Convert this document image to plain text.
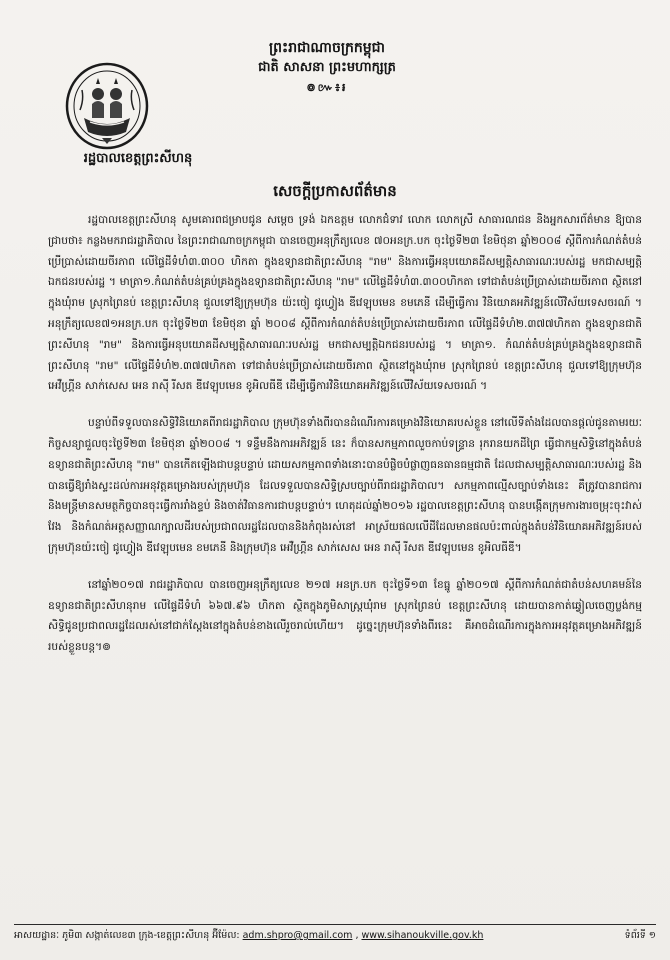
ព្រះរាជាណាចក្រកម្ពុជា
ជាតិ សាសនា ព្រះមហាក្សត្រ
៙៚៖៛
រដ្ឋបាលខេត្តព្រះសីហនុ
សេចក្តីប្រកាសព័ត៌មាន

រដ្ឋបាលខេត្តព្រះសីហនុ សូមគោរពជម្រាបជូន សម្តេច ទ្រង់ ឯកឧត្តម លោកជំទាវ លោក លោកស្រី សាធារណជន និងអ្នកសារព័ត៌មាន ឱ្យបានជ្រាបថា៖ កន្លងមករាជរដ្ឋាភិបាល នៃព្រះរាជាណាចក្រកម្ពុជា បានចេញអនុក្រឹត្យលេខ ៧០អនក្រ.បក ចុះថ្ងៃទី២៣ ខែមិថុនា ឆ្នាំ២០០៨ ស្តីពីការកំណត់តំបន់ប្រើប្រាស់ដោយចីរភាព លើផ្ទៃដីទំហំ៣.៣០០ ហិកតា ក្នុងឧទ្យានជាតិព្រះសីហនុ "រាម" និងការធ្វើអនុបយោគដីសម្បត្តិសាធារណៈរបស់រដ្ឋ មកជាសម្បត្តិឯកជនរបស់រដ្ឋ ។ មាត្រា១.កំណត់តំបន់គ្រប់គ្រងក្នុងឧទ្យានជាតិព្រះសីហនុ "រាម" លើផ្ទៃដីទំហំ៣.៣០០ហិកតា ទៅជាតំបន់ប្រើប្រាស់ដោយចីរភាព ស្ថិតនៅក្នុងឃុំរាម ស្រុកព្រៃនប់ ខេត្តព្រះសីហនុ ជួលទៅឱ្យក្រុមហ៊ុន យ៉ះចៀ ជូហ្វៀង ឌីវេឡុបមេន ខមភេនី ដើម្បីធ្វើការ វិនិយោគអភិវឌ្ឍន៍លើវិស័យទេសចរណ៍ ។ អនុក្រឹត្យលេខ៧១អនក្រ.បក ចុះថ្ងៃទី២៣ ខែមិថុនា ឆ្នាំ ២០០៨ ស្តីពីការកំណត់តំបន់ប្រើប្រាស់ដោយចីរភាព លើផ្ទៃដីទំហំ២.៣៧៧ហិកតា ក្នុងឧទ្យានជាតិព្រះសីហនុ "រាម" និងការធ្វើអនុបយោគដីសម្បត្តិសាធារណៈរបស់រដ្ឋ មកជាសម្បត្តិឯកជនរបស់រដ្ឋ ។ មាត្រា១. កំណត់តំបន់គ្រប់គ្រងក្នុងឧទ្យានជាតិព្រះសីហនុ "រាម" លើផ្ទៃដីទំហំ២.៣៧៧ហិកតា ទៅជាតំបន់ប្រើប្រាស់ដោយចីរភាព ស្ថិតនៅក្នុងឃុំរាម ស្រុកព្រៃនប់ ខេត្តព្រះសីហនុ ជួលទៅឱ្យក្រុមហ៊ុន អេវឺហ្គ្រីន សាក់សេស អេន រាស៊ី រីសត ឌីវេឡុបមេន ខូអិលធីឌី ដើម្បីធ្វើការវិនិយោគអភិវឌ្ឍន៍លើវិស័យទេសចរណ៍ ។

បន្ទាប់ពីទទួលបានសិទ្ធិវិនិយោគពីរាជរដ្ឋាភិបាល ក្រុមហ៊ុនទាំងពីរបានដំណើរការគម្រោងវិនិយោគរបស់ខ្លួន នៅលើទីតាំងដែលបានផ្តល់ជូនតាមរយៈកិច្ចសន្យាជួលចុះថ្ងៃទី២៣ ខែមិថុនា ឆ្នាំ២០០៨ ។ ទន្ទឹមនឹងការអភិវឌ្ឍន៍ នេះ ក៏បានសកម្មភាពលួចកាប់ទន្រ្ទាន រុករានយកដីព្រៃ ធ្វើជាកម្មសិទ្ធិនៅក្នុងតំបន់ឧទ្យានជាតិព្រះសីហនុ "រាម" បានកើតឡើងជាបន្តបន្ទាប់ ដោយសកម្មភាពទាំងនោះបានបំផ្លិចបំផ្លាញធនធានធម្មជាតិ ដែលជាសម្បត្តិសាធារណៈរបស់រដ្ឋ និងបានធ្វើឱ្យរាំងស្ទះដល់ការអនុវត្តគម្រោងរបស់ក្រុមហ៊ុន ដែលទទួលបានសិទ្ធិស្របច្បាប់ពីរាជរដ្ឋាភិបាល។ សកម្មភាពល្មើសច្បាប់ទាំងនេះ គឺត្រូវបានរាជការ និងមន្រ្តីមានសមត្ថកិច្ចបានចុះធ្វើការរាំងខ្ទប់ និងចាត់វិធានការជាបន្តបន្ទាប់។ ហេតុដល់ឆ្នាំ២០១៦ រដ្ឋបាលខេត្តព្រះសីហនុ បានបង្កើតក្រុមការងារចម្រុះចុះវាស់វែង និងកំណត់អត្តសញ្ញាណក្បាលដីរបស់ប្រជាពលរដ្ឋដែលបាននិងកំពុងរស់នៅ អាស្រ័យផលលើដីដែលមានផលប៉ះពាល់ក្នុងតំបន់វិនិយោគអភិវឌ្ឍន៍របស់ក្រុមហ៊ុនយ៉ះចៀ ជូហ្វៀង ឌីវេឡុបមេន ខមភេនី និងក្រុមហ៊ុន អេវឺហ្គ្រីន សាក់សេស អេន រាស៊ី រីសត ឌីវេឡុបមេន ខូអិលធីឌី។

នៅឆ្នាំ២០១៧ រាជរដ្ឋាភិបាល បានចេញអនុក្រឹត្យលេខ ២១៧ អនក្រ.បក ចុះថ្ងៃទី១៣ ខែធ្នូ ឆ្នាំ២០១៧ ស្តីពីការកំណត់ជាតំបន់សហគមន៍នៃឧទ្យានជាតិព្រះសីហនុរាម លើផ្ទៃដីទំហំ ៦៦៧.៩៦ ហិកតា ស្ថិតក្នុងភូមិសាស្រ្តឃុំរាម ស្រុកព្រៃនប់ ខេត្តព្រះសីហនុ ដោយបានកាត់ឆ្វៀលចេញប្លង់កម្មសិទ្ធិជូនប្រជាពលរដ្ឋដែលរស់នៅជាក់ស្តែងនៅក្នុងតំបន់ខាងលើរួចរាល់ហើយ។ ដូច្នេះក្រុមហ៊ុនទាំងពីរនេះ គឺអាចដំណើរការក្នុងការអនុវត្តគម្រោងអភិវឌ្ឍន៍របស់ខ្លួនបន្ត។៙

អាសយដ្ឋានៈ ភូមិ៣ សង្កាត់លេខ៣ ក្រុង-ខេត្តព្រះសីហនុ អ៊ីម៉ែល: adm.shpro@gmail.com , www.sihanoukville.gov.kh	ទំព័រទី ១
